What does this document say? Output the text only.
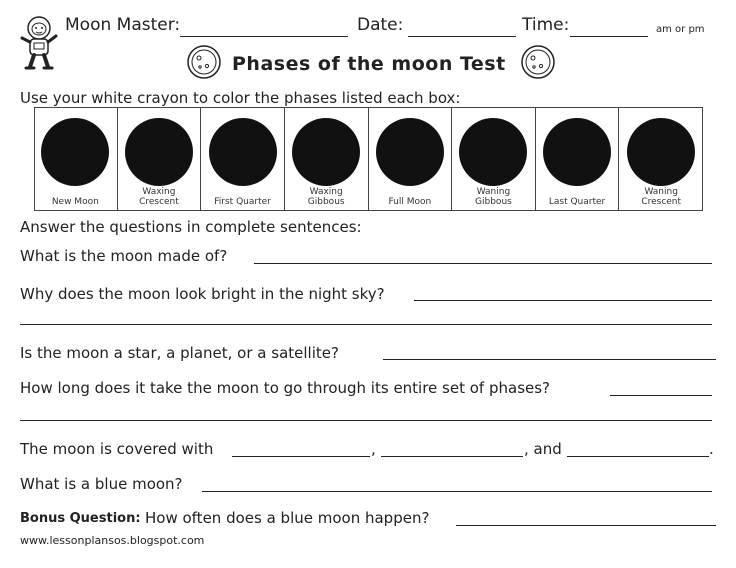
Moon Master:	Date:	Time:	am or pm
Phases of the moon Test
Use your white crayon to color the phases listed each box:
New Moon
Waxing
Crescent	First Quarter
Waxing
Gibbous	Full Moon
Waning
Gibbous	Last Quarter
Waning
Crescent
Answer the questions in complete sentences:
What is the moon made of?
Why does the moon look bright in the night sky?
Is the moon a star, a planet, or a satellite?
How long does it take the moon to go through its entire set of phases?
The moon is covered with	,	, and	.
What is a blue moon?
Bonus Question: How often does a blue moon happen?
www.lessonplansos.blogspot.com
